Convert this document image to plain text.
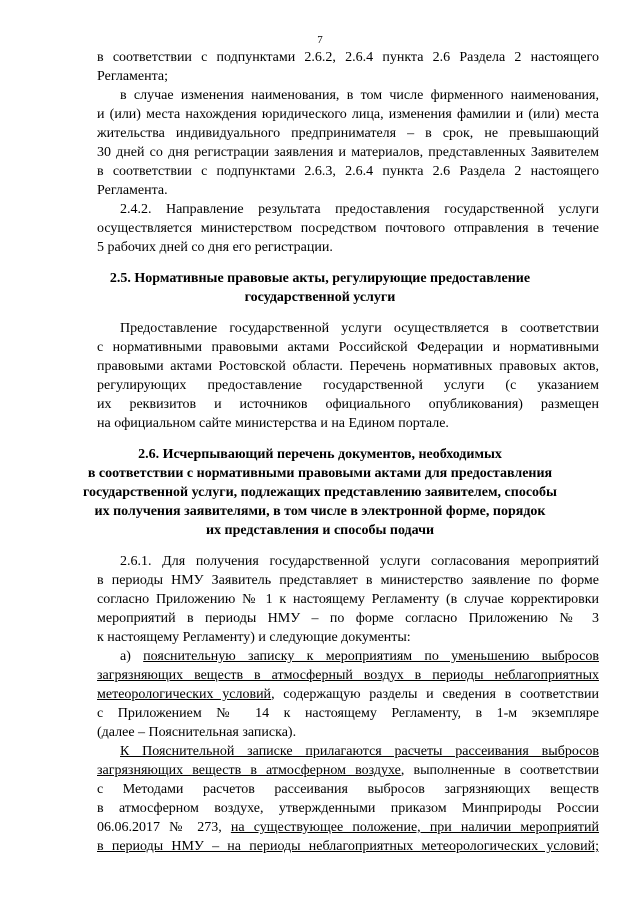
7
в соответствии с подпунктами 2.6.2, 2.6.4 пункта 2.6 Раздела 2 настоящего
Регламента;
в случае изменения наименования, в том числе фирменного наименования,
и (или) места нахождения юридического лица, изменения фамилии и (или) места
жительства индивидуального предпринимателя – в срок, не превышающий
30 дней со дня регистрации заявления и материалов, представленных Заявителем
в соответствии с подпунктами 2.6.3, 2.6.4 пункта 2.6 Раздела 2 настоящего
Регламента.
2.4.2. Направление результата предоставления государственной услуги
осуществляется министерством посредством почтового отправления в течение
5 рабочих дней со дня его регистрации.
2.5. Нормативные правовые акты, регулирующие предоставление
государственной услуги
Предоставление государственной услуги осуществляется в соответствии
с нормативными правовыми актами Российской Федерации и нормативными
правовыми актами Ростовской области. Перечень нормативных правовых актов,
регулирующих предоставление государственной услуги (с указанием
их реквизитов и источников официального опубликования) размещен
на официальном сайте министерства и на Едином портале.
2.6. Исчерпывающий перечень документов, необходимых
в соответствии с нормативными правовыми актами для предоставления
государственной услуги, подлежащих представлению заявителем, способы
их получения заявителями, в том числе в электронной форме, порядок
их представления и способы подачи
2.6.1. Для получения государственной услуги согласования мероприятий
в периоды НМУ Заявитель представляет в министерство заявление по форме
согласно Приложению № 1 к настоящему Регламенту (в случае корректировки
мероприятий в периоды НМУ – по форме согласно Приложению № 3
к настоящему Регламенту) и следующие документы:
а) пояснительную записку к мероприятиям по уменьшению выбросов
загрязняющих веществ в атмосферный воздух в периоды неблагоприятных
метеорологических условий, содержащую разделы и сведения в соответствии
с Приложением № 14 к настоящему Регламенту, в 1-м экземпляре
(далее – Пояснительная записка).
К Пояснительной записке прилагаются расчеты рассеивания выбросов
загрязняющих веществ в атмосферном воздухе, выполненные в соответствии
с Методами расчетов рассеивания выбросов загрязняющих веществ
в атмосферном воздухе, утвержденными приказом Минприроды России
06.06.2017 № 273, на существующее положение, при наличии мероприятий
в периоды НМУ – на периоды неблагоприятных метеорологических условий;
